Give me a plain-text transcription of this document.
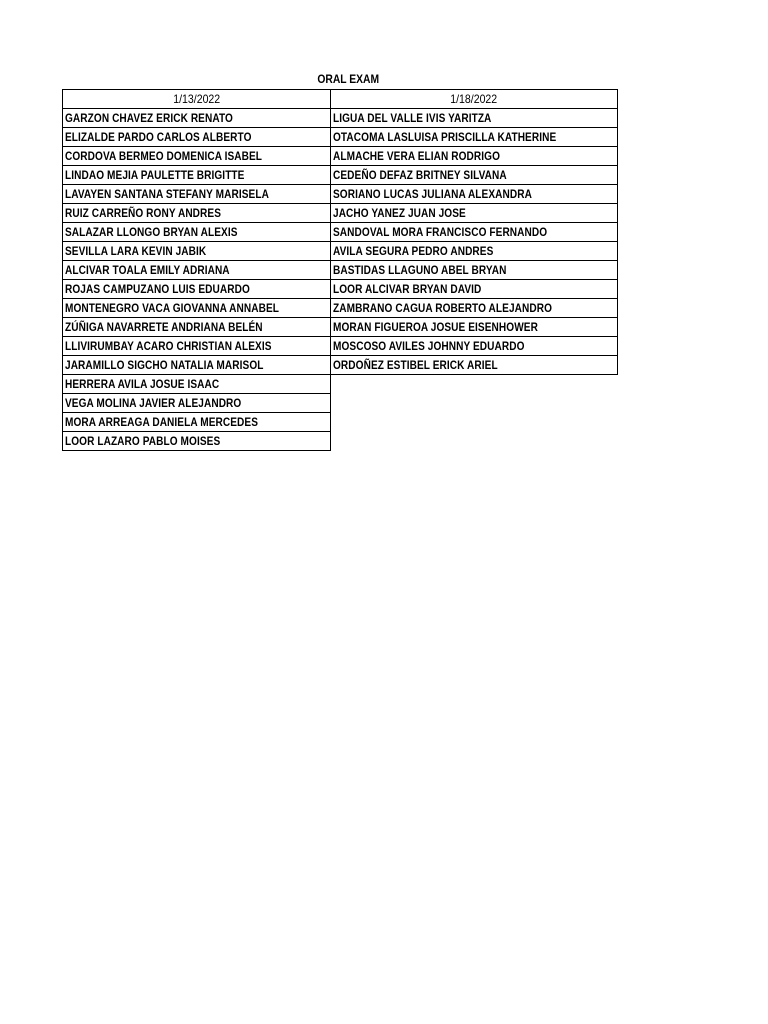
ORAL EXAM
1/13/2022	1/18/2022
GARZON CHAVEZ ERICK RENATO	LIGUA DEL VALLE IVIS YARITZA
ELIZALDE PARDO CARLOS ALBERTO	OTACOMA LASLUISA PRISCILLA KATHERINE
CORDOVA BERMEO DOMENICA ISABEL	ALMACHE VERA ELIAN RODRIGO
LINDAO MEJIA PAULETTE BRIGITTE	CEDEÑO DEFAZ BRITNEY SILVANA
LAVAYEN SANTANA STEFANY MARISELA	SORIANO LUCAS JULIANA ALEXANDRA
RUIZ CARREÑO RONY ANDRES	JACHO YANEZ JUAN JOSE
SALAZAR LLONGO BRYAN ALEXIS	SANDOVAL MORA FRANCISCO FERNANDO
SEVILLA LARA KEVIN JABIK	AVILA SEGURA PEDRO ANDRES
ALCIVAR TOALA EMILY ADRIANA	BASTIDAS LLAGUNO ABEL BRYAN
ROJAS CAMPUZANO LUIS EDUARDO	LOOR ALCIVAR BRYAN DAVID
MONTENEGRO VACA GIOVANNA ANNABEL	ZAMBRANO CAGUA ROBERTO ALEJANDRO
ZÚÑIGA NAVARRETE ANDRIANA BELÉN	MORAN FIGUEROA JOSUE EISENHOWER
LLIVIRUMBAY ACARO CHRISTIAN ALEXIS	MOSCOSO AVILES JOHNNY EDUARDO
JARAMILLO SIGCHO NATALIA MARISOL	ORDOÑEZ ESTIBEL ERICK ARIEL
HERRERA AVILA JOSUE ISAAC	
VEGA MOLINA JAVIER ALEJANDRO	
MORA ARREAGA DANIELA MERCEDES	
LOOR LAZARO PABLO MOISES	
